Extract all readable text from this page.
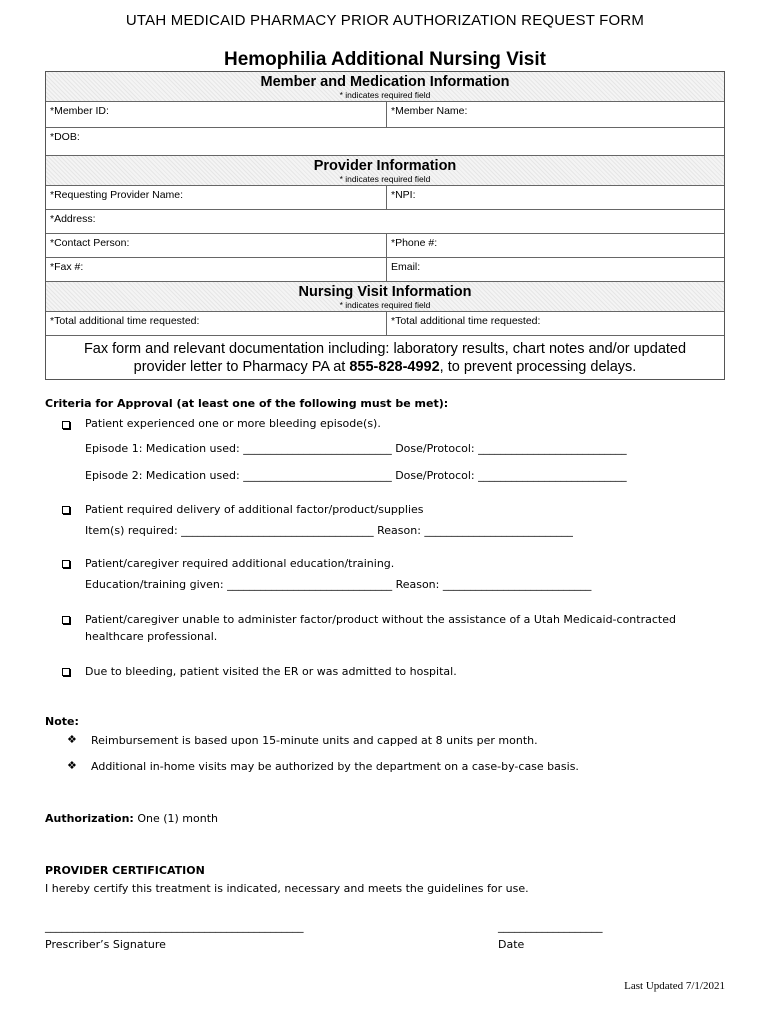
UTAH MEDICAID PHARMACY PRIOR AUTHORIZATION REQUEST FORM
Hemophilia Additional Nursing Visit
Member and Medication Information
* indicates required field
*Member ID:	*Member Name:
*DOB:
Provider Information
* indicates required field
*Requesting Provider Name:	*NPI:
*Address:
*Contact Person:	*Phone #:
*Fax #:	Email:
Nursing Visit Information
* indicates required field
*Total additional time requested:	*Total additional time requested:
Fax form and relevant documentation including: laboratory results, chart notes and/or updated
provider letter to Pharmacy PA at 855-828-4992, to prevent processing delays.
Criteria for Approval (at least one of the following must be met):
Patient experienced one or more bleeding episode(s).
Episode 1: Medication used: ___________________________ Dose/Protocol: ___________________________
Episode 2: Medication used: ___________________________ Dose/Protocol: ___________________________
Patient required delivery of additional factor/product/supplies
Item(s) required: ___________________________________ Reason: ___________________________
Patient/caregiver required additional education/training.
Education/training given: ______________________________ Reason: ___________________________
Patient/caregiver unable to administer factor/product without the assistance of a Utah Medicaid-contracted
healthcare professional.
Due to bleeding, patient visited the ER or was admitted to hospital.
Note:
❖ Reimbursement is based upon 15-minute units and capped at 8 units per month.
❖ Additional in-home visits may be authorized by the department on a case-by-case basis.
Authorization: One (1) month
PROVIDER CERTIFICATION
I hereby certify this treatment is indicated, necessary and meets the guidelines for use.
_______________________________________________
Prescriber’s Signature
___________________
Date
Last Updated 7/1/2021
